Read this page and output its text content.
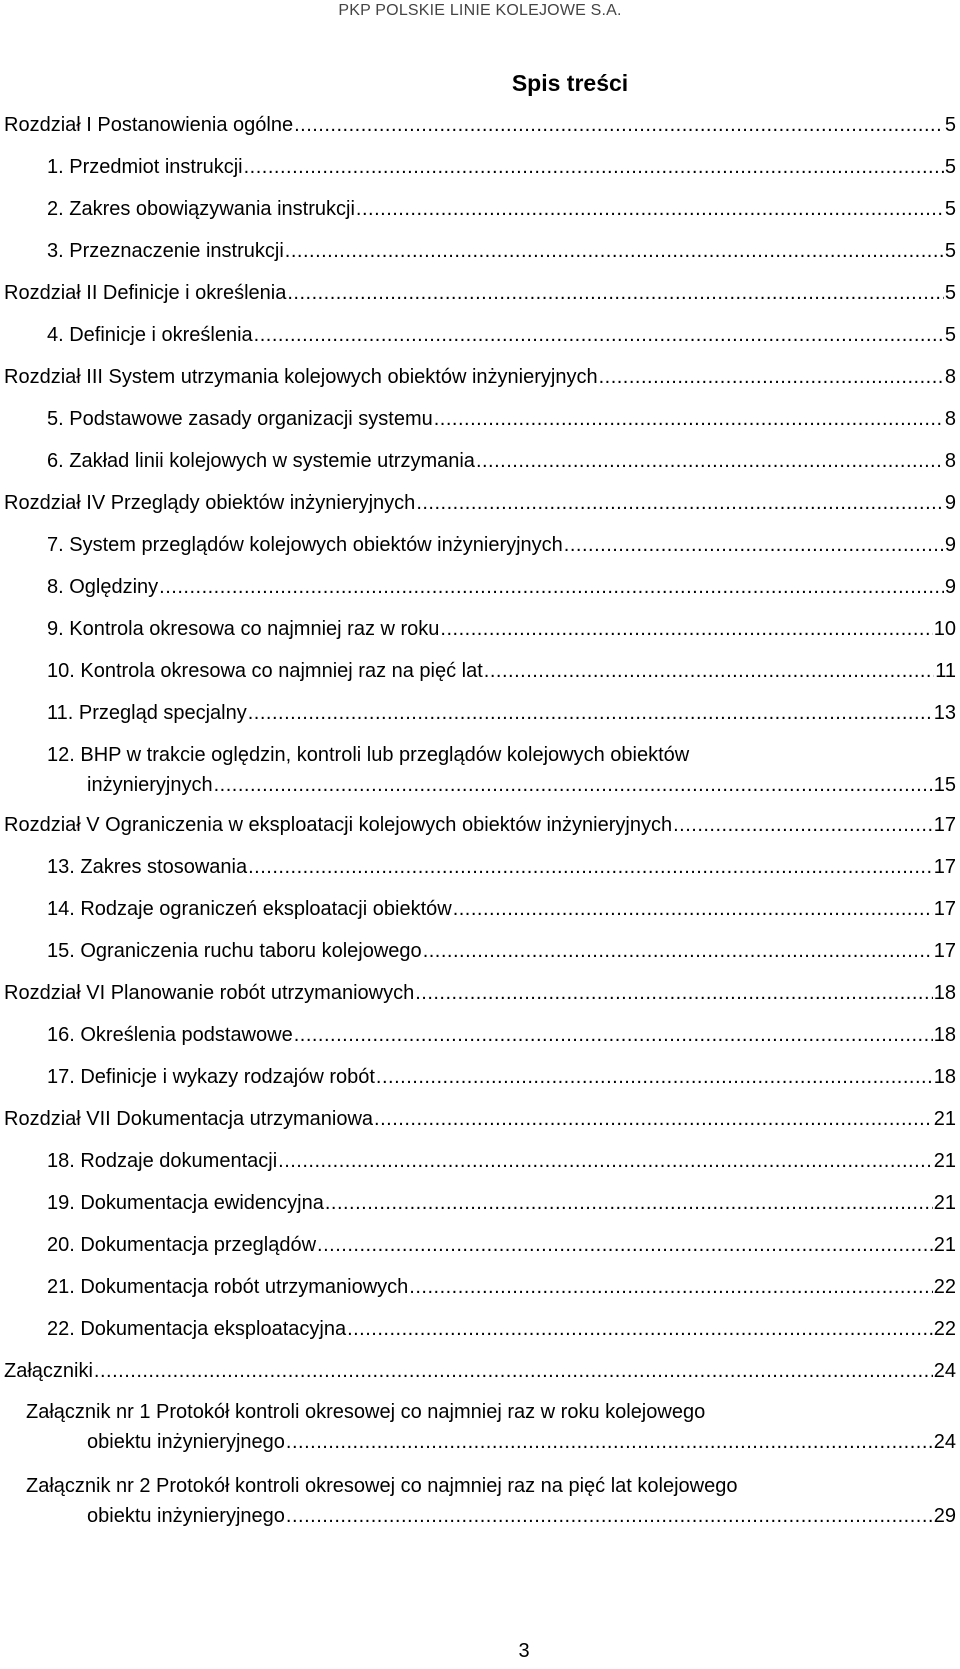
PKP POLSKIE LINIE KOLEJOWE S.A.
Spis treści
Rozdział I Postanowienia ogólne .....	5
1. Przedmiot instrukcji .....	5
2. Zakres obowiązywania instrukcji .....	5
3. Przeznaczenie instrukcji .....	5
Rozdział II Definicje i określenia .....	5
4. Definicje i określenia .....	5
Rozdział III System utrzymania kolejowych obiektów inżynieryjnych .....	8
5. Podstawowe zasady organizacji systemu .....	8
6. Zakład linii kolejowych w systemie utrzymania .....	8
Rozdział IV Przeglądy obiektów inżynieryjnych .....	9
7. System przeglądów kolejowych obiektów inżynieryjnych .....	9
8. Oględziny .....	9
9. Kontrola okresowa co najmniej raz w roku .....	10
10. Kontrola okresowa co najmniej raz na pięć lat .....	11
11. Przegląd specjalny .....	13
12. BHP w trakcie oględzin, kontroli lub przeglądów kolejowych obiektów
inżynieryjnych .....	15
Rozdział V Ograniczenia w eksploatacji kolejowych obiektów inżynieryjnych .....	17
13. Zakres stosowania .....	17
14. Rodzaje ograniczeń eksploatacji obiektów .....	17
15. Ograniczenia ruchu taboru kolejowego .....	17
Rozdział VI Planowanie robót utrzymaniowych .....	18
16. Określenia podstawowe .....	18
17. Definicje i wykazy rodzajów robót .....	18
Rozdział VII Dokumentacja utrzymaniowa .....	21
18. Rodzaje dokumentacji .....	21
19. Dokumentacja ewidencyjna .....	21
20. Dokumentacja przeglądów .....	21
21. Dokumentacja robót utrzymaniowych .....	22
22. Dokumentacja eksploatacyjna .....	22
Załączniki .....	24
Załącznik nr 1 Protokół kontroli okresowej co najmniej raz w roku kolejowego
obiektu inżynieryjnego .....	24
Załącznik nr 2 Protokół kontroli okresowej co najmniej raz na pięć lat kolejowego
obiektu inżynieryjnego .....	29
3
